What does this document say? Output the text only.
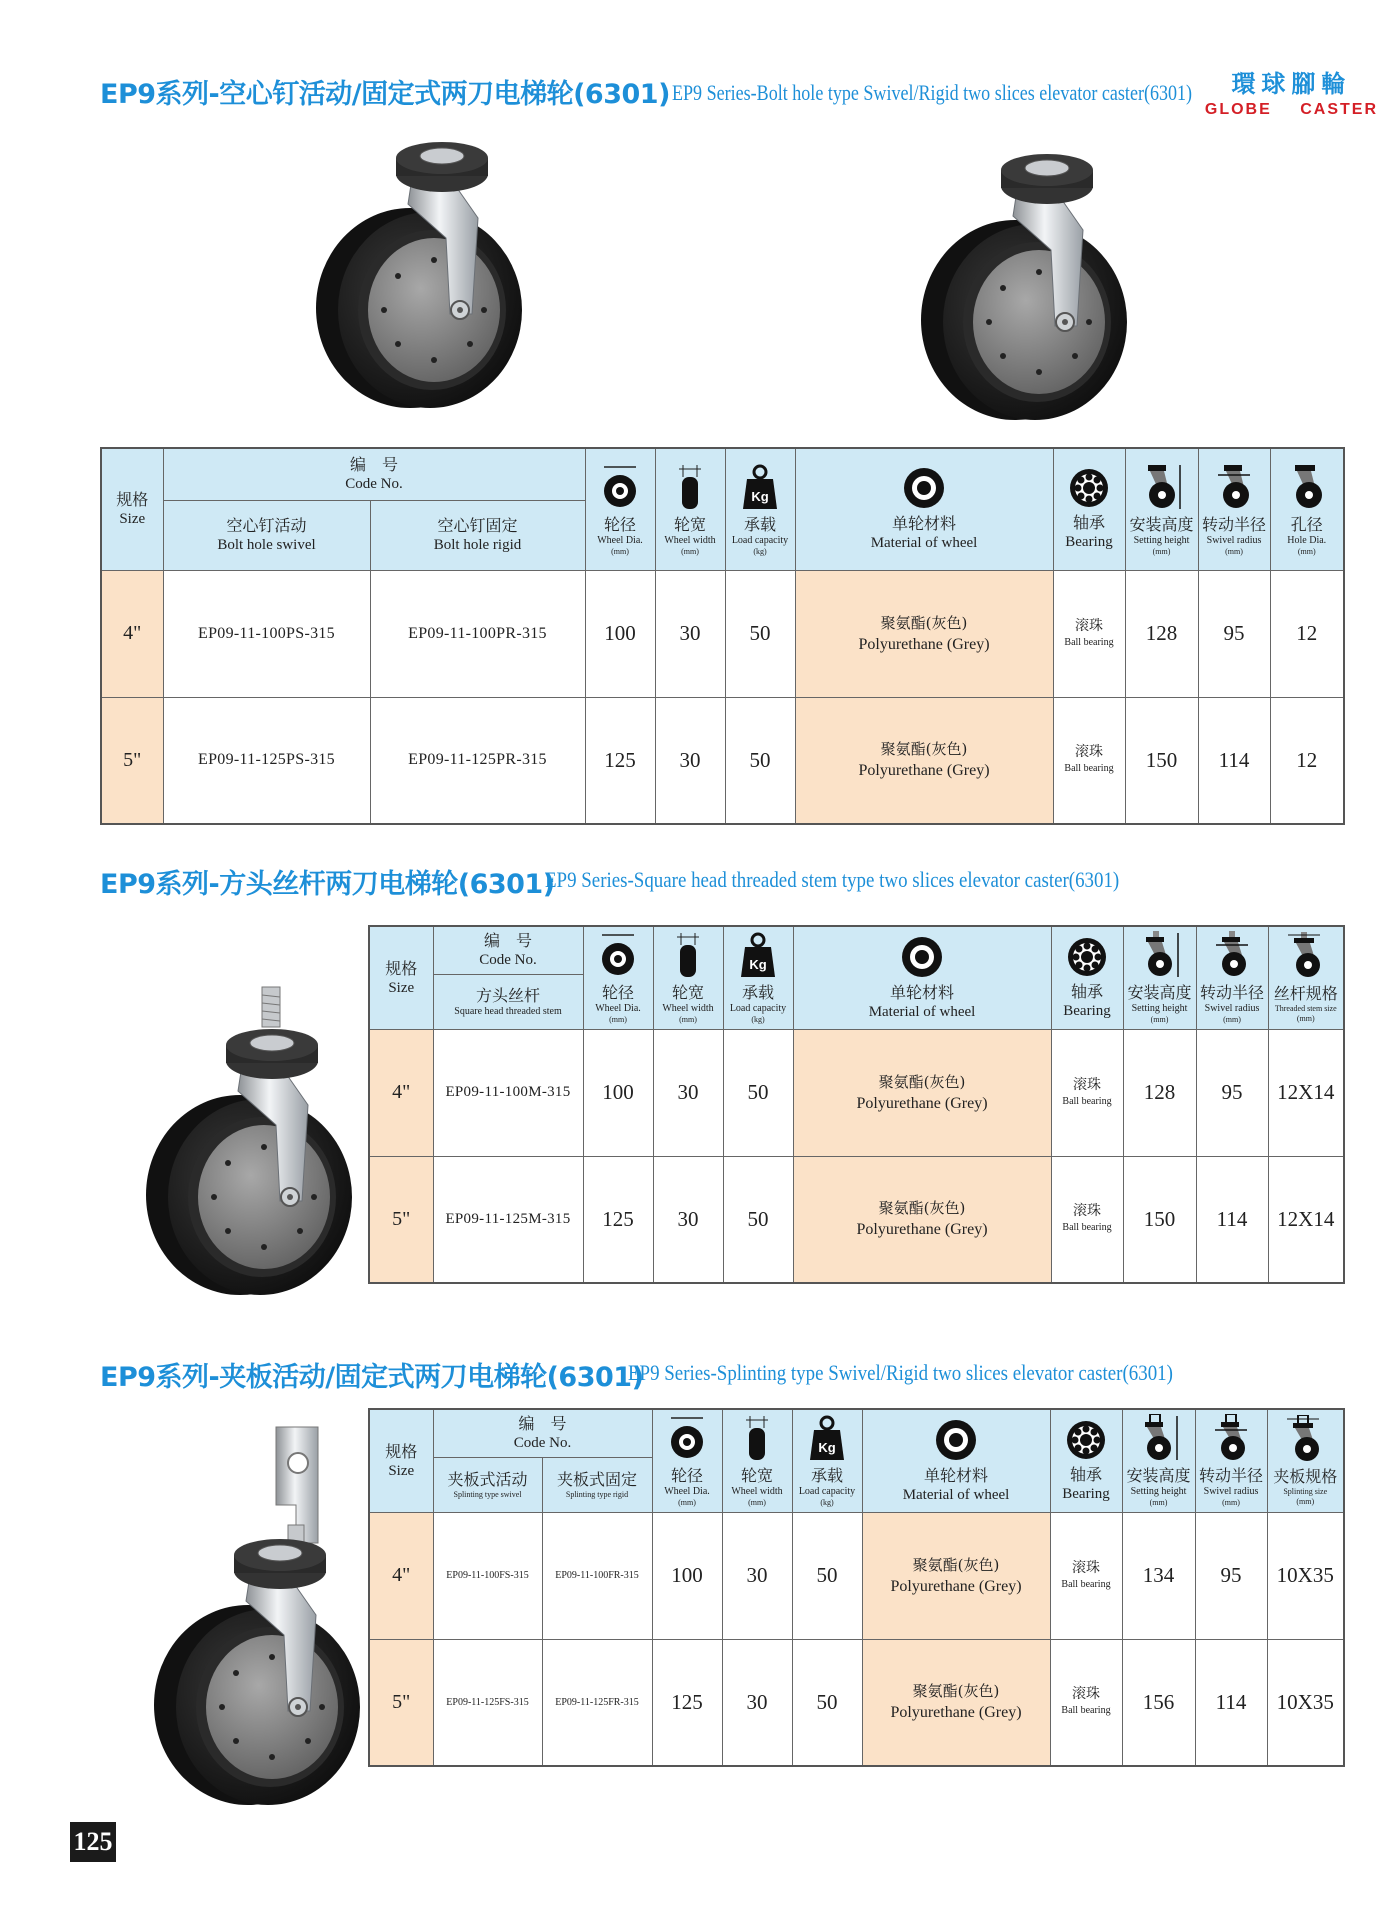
環球腳輪
GLOBE CASTER
EP9系列-空心钉活动/固定式两刀电梯轮(6301) EP9 Series-Bolt hole type Swivel/Rigid two slices elevator caster(6301)
规格
Size	编　号
Code No.		轮径
Wheel Dia.
(mm)	轮宽
Wheel width
(mm)	Kg
承载
Load capacity
(kg)	单轮材料
Material of wheel	轴承
Bearing	安装高度
Setting height
(mm)	转动半径
Swivel radius
(mm)	孔径
Hole Dia.
(mm)

	空心钉活动
Bolt hole swivel	空心钉固定
Bolt hole rigid								

4"	EP09-11-100PS-315	EP09-11-100PR-315	100	30	50	聚氨酯(灰色)
Polyurethane (Grey)	滚珠
Ball bearing	128	95	12
5"	EP09-11-125PS-315	EP09-11-125PR-315	125	30	50	聚氨酯(灰色)
Polyurethane (Grey)	滚珠
Ball bearing	150	114	12
EP9系列-方头丝杆两刀电梯轮(6301)
EP9 Series-Square head threaded stem type two slices elevator caster(6301)
规格
Size	编　号
Code No.	轮径
Wheel Dia.
(mm)	轮宽
Wheel width
(mm)	Kg
承载
Load capacity
(kg)	单轮材料
Material of wheel	轴承
Bearing	安装高度
Setting height
(mm)	转动半径
Swivel radius
(mm)	丝杆规格
Threaded stem size
(mm)

	方头丝杆
Square head threaded stem								

4"	EP09-11-100M-315	100	30	50	聚氨酯(灰色)
Polyurethane (Grey)	滚珠
Ball bearing	128	95	12X14
5"	EP09-11-125M-315	125	30	50	聚氨酯(灰色)
Polyurethane (Grey)	滚珠
Ball bearing	150	114	12X14
EP9系列-夹板活动/固定式两刀电梯轮(6301)
EP9 Series-Splinting type Swivel/Rigid two slices elevator caster(6301)
规格
Size	编　号
Code No.		轮径
Wheel Dia.
(mm)	轮宽
Wheel width
(mm)	Kg
承载
Load capacity
(kg)	单轮材料
Material of wheel	轴承
Bearing	安装高度
Setting height
(mm)	转动半径
Swivel radius
(mm)	夹板规格
Splinting size
(mm)

	夹板式活动
Splinting type swivel	夹板式固定
Splinting type rigid								

4"	EP09-11-100FS-315	EP09-11-100FR-315	100	30	50	聚氨酯(灰色)
Polyurethane (Grey)	滚珠
Ball bearing	134	95	10X35
5"	EP09-11-125FS-315	EP09-11-125FR-315	125	30	50	聚氨酯(灰色)
Polyurethane (Grey)	滚珠
Ball bearing	156	114	10X35
125
